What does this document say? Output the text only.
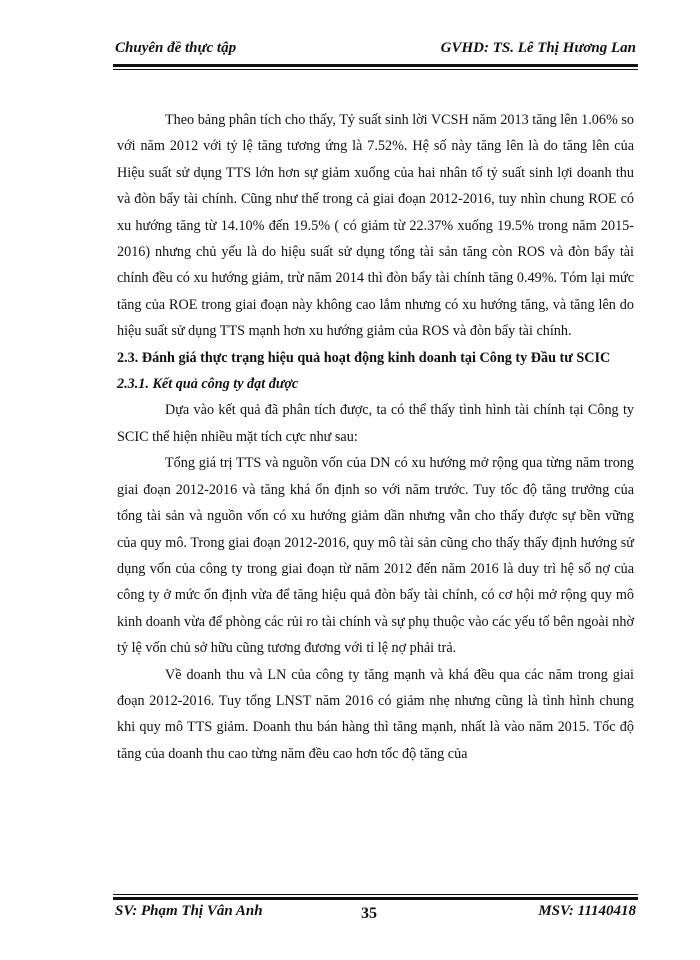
Chuyên đề thực tập	GVHD: TS. Lê Thị Hương Lan

Theo bảng phân tích cho thấy, Tỷ suất sinh lời VCSH năm 2013 tăng lên 1.06% so với năm 2012 với tỷ lệ tăng tương ứng là 7.52%. Hệ số này tăng lên là do tăng lên của Hiệu suất sử dụng TTS lớn hơn sự giảm xuống của hai nhân tố tỷ suất sinh lợi doanh thu và đòn bẩy tài chính. Cũng như thế trong cả giai đoạn 2012-2016, tuy nhìn chung ROE có xu hướng tăng từ 14.10% đến 19.5% ( có giảm từ 22.37% xuống 19.5% trong năm 2015-2016) nhưng chủ yếu là do hiệu suất sử dụng tổng tài sản tăng còn ROS và đòn bẩy tài chính đều có xu hướng giảm, trừ năm 2014 thì đòn bẩy tài chính tăng 0.49%. Tóm lại mức tăng của ROE trong giai đoạn này không cao lắm nhưng có xu hướng tăng, và tăng lên do hiệu suất sử dụng TTS mạnh hơn xu hướng giảm của ROS và đòn bẩy tài chính.

2.3. Đánh giá thực trạng hiệu quả hoạt động kinh doanh tại Công ty Đầu tư SCIC

2.3.1. Kết quả công ty đạt được

Dựa vào kết quả đã phân tích được, ta có thể thấy tình hình tài chính tại Công ty SCIC thể hiện nhiều mặt tích cực như sau:

Tổng giá trị TTS và nguồn vốn của DN có xu hướng mở rộng qua từng năm trong giai đoạn 2012-2016 và tăng khá ổn định so với năm trước. Tuy tốc độ tăng trưởng của tổng tài sản và nguồn vốn có xu hướng giảm dần nhưng vẫn cho thấy được sự bền vững của quy mô. Trong giai đoạn 2012-2016, quy mô tài sản cũng cho thấy thấy định hướng sử dụng vốn của công ty trong giai đoạn từ năm 2012 đến năm 2016 là duy trì hệ số nợ của công ty ở mức ổn định vừa để tăng hiệu quả đòn bẩy tài chính, có cơ hội mở rộng quy mô kinh doanh vừa để phòng các rủi ro tài chính và sự phụ thuộc vào các yếu tố bên ngoài nhờ tỷ lệ vốn chủ sở hữu cũng tương đương với tỉ lệ nợ phải trả.

Về doanh thu và LN của công ty tăng mạnh và khá đều qua các năm trong giai đoạn 2012-2016. Tuy tổng LNST năm 2016 có giảm nhẹ nhưng cũng là tình hình chung khi quy mô TTS giảm. Doanh thu bán hàng thì tăng mạnh, nhất là vào năm 2015. Tốc độ tăng của doanh thu cao từng năm đều cao hơn tốc độ tăng của

SV: Phạm Thị Vân Anh	35	MSV: 11140418
